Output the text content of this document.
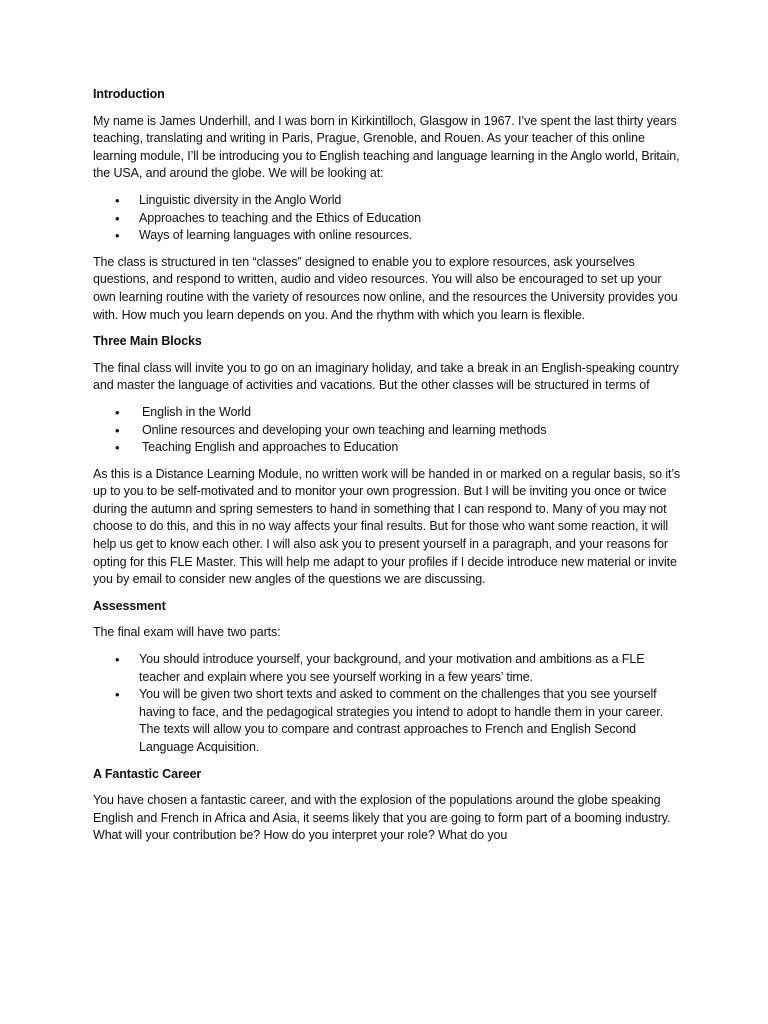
Introduction

My name is James Underhill, and I was born in Kirkintilloch, Glasgow in 1967. I’ve spent the last thirty years teaching, translating and writing in Paris, Prague, Grenoble, and Rouen. As your teacher of this online learning module, I’ll be introducing you to English teaching and language learning in the Anglo world, Britain, the USA, and around the globe. We will be looking at:

• Linguistic diversity in the Anglo World
• Approaches to teaching and the Ethics of Education
• Ways of learning languages with online resources.

The class is structured in ten “classes” designed to enable you to explore resources, ask yourselves questions, and respond to written, audio and video resources. You will also be encouraged to set up your own learning routine with the variety of resources now online, and the resources the University provides you with. How much you learn depends on you. And the rhythm with which you learn is flexible.

Three Main Blocks

The final class will invite you to go on an imaginary holiday, and take a break in an English-speaking country and master the language of activities and vacations. But the other classes will be structured in terms of

• English in the World
• Online resources and developing your own teaching and learning methods
• Teaching English and approaches to Education

As this is a Distance Learning Module, no written work will be handed in or marked on a regular basis, so it’s up to you to be self-motivated and to monitor your own progression. But I will be inviting you once or twice during the autumn and spring semesters to hand in something that I can respond to. Many of you may not choose to do this, and this in no way affects your final results. But for those who want some reaction, it will help us get to know each other. I will also ask you to present yourself in a paragraph, and your reasons for opting for this FLE Master. This will help me adapt to your profiles if I decide introduce new material or invite you by email to consider new angles of the questions we are discussing.

Assessment

The final exam will have two parts:

• You should introduce yourself, your background, and your motivation and ambitions as a FLE teacher and explain where you see yourself working in a few years’ time.
• You will be given two short texts and asked to comment on the challenges that you see yourself having to face, and the pedagogical strategies you intend to adopt to handle them in your career. The texts will allow you to compare and contrast approaches to French and English Second Language Acquisition.
A Fantastic Career

You have chosen a fantastic career, and with the explosion of the populations around the globe speaking English and French in Africa and Asia, it seems likely that you are going to form part of a booming industry. What will your contribution be? How do you interpret your role? What do you
